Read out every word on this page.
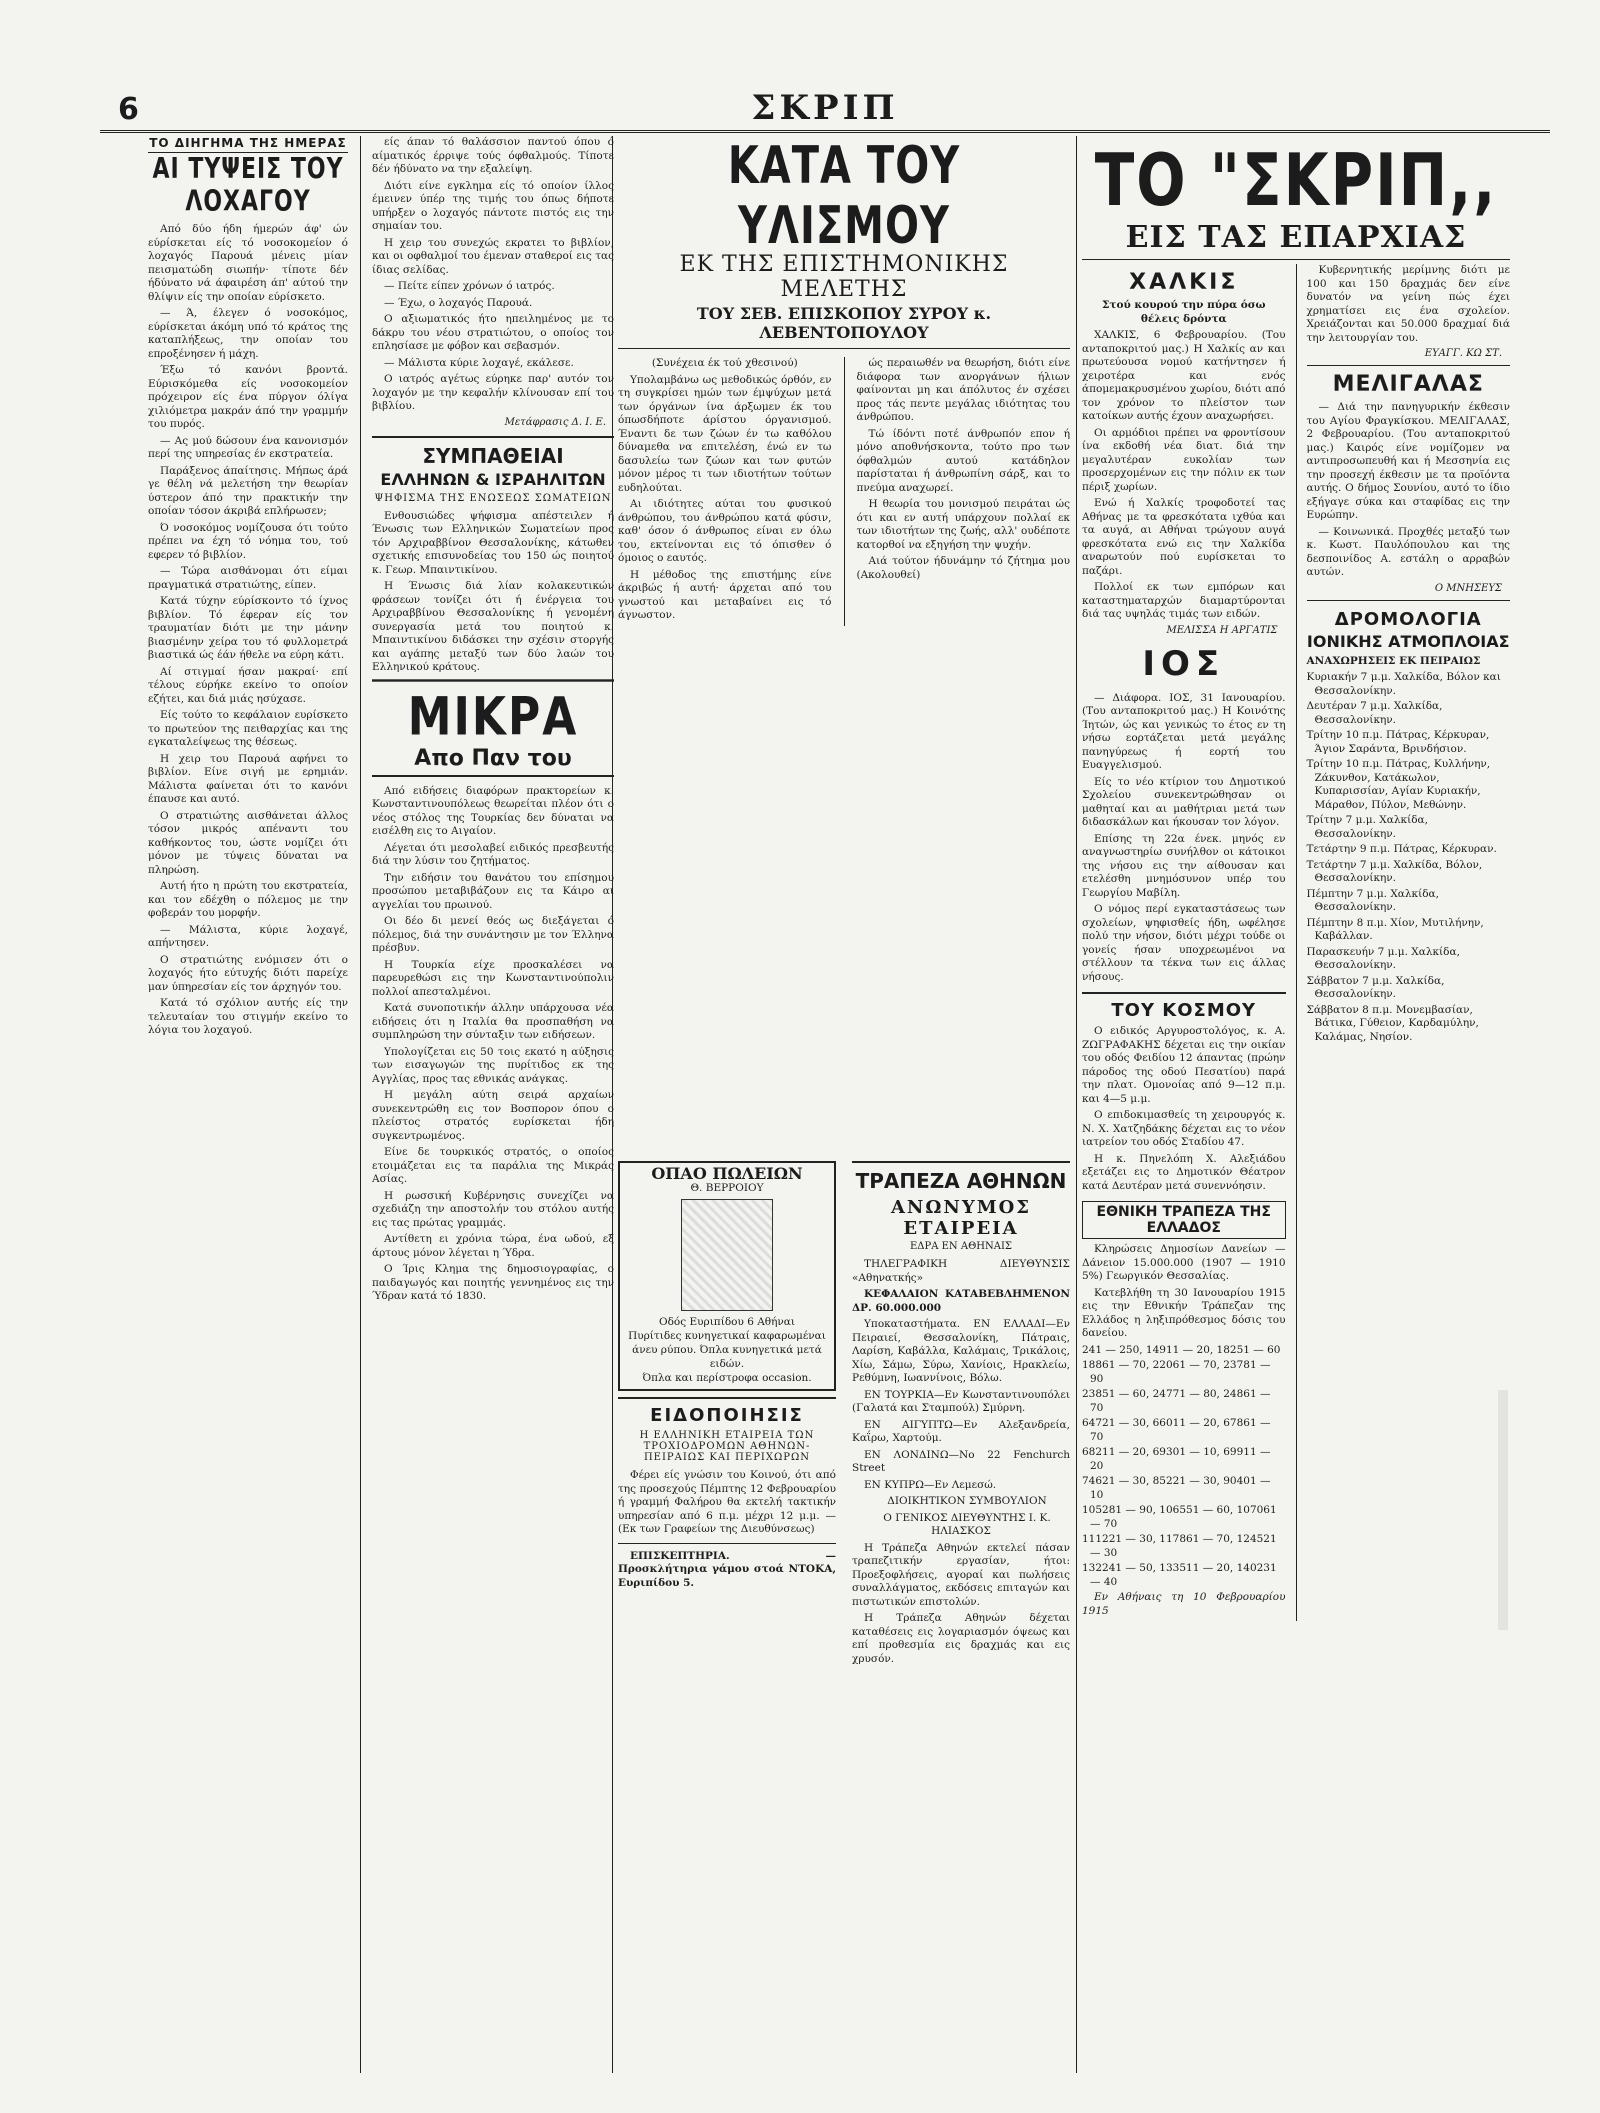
6	ΣΚΡΙΠ
ΤΟ ΔΙΗΓΗΜΑ ΤΗΣ ΗΜΕΡΑΣ
ΑΙ ΤΥΨΕΙΣ ΤΟΥ ΛΟΧΑΓΟΥ

Από δύο ήδη ήμερών άφ' ών εύρίσκεται είς τό νοσοκομείον ό λοχαγός Παρουά μένεις μίαν πεισματώδη σιωπήν· τίποτε δέν ήδύνατο νά άφαιρέση άπ' αύτού την θλίψιν είς την οποίαν εύρίσκετο.

— Ά, έλεγεν ό νοσοκόμος, εύρίσκεται άκόμη υπό τό κράτος της καταπλήξεως, την οποίαν του επροξένησεν ή μάχη.

Έξω τό κανόνι βροντά. Εύρισκόμεθα είς νοσοκομείον πρόχειρον είς ένα πύργον όλίγα χιλιόμετρα μακράν άπό την γραμμήν του πυρός.

— Ας μού δώσουν ένα κανονισμόν περί της υπηρεσίας έν εκστρατεία.

Παράξενος άπαίτησις. Μήπως άρά γε θέλη νά μελετήση την θεωρίαν ύστερον άπό την πρακτικήν την οποίαν τόσον άκριβά επλήρωσεν;

Ό νοσοκόμος νομίζουσα ότι τούτο πρέπει να έχη τό νόημα του, τού εφερεν τό βιβλίον.

— Τώρα αισθάνομαι ότι είμαι πραγματικά στρατιώτης, είπεν.

Κατά τύχην εύρίσκοντο τό ίχνος βιβλίον. Τό έφεραν είς τον τραυματίαν διότι με την μάνην βιασμένην χείρα του τό φυλλομετρά βιαστικά ώς έάν ήθελε να εύρη κάτι.

Αί στιγμαί ήσαν μακραί· επί τέλους εύρήκε εκείνο το οποίον εζήτει, και διά μιάς ησύχασε.

Είς τούτο το κεφάλαιον ευρίσκετο το πρωτεύον της πειθαρχίας και της εγκαταλείψεως της θέσεως.

Η χειρ του Παρουά αφήνει το βιβλίον. Είνε σιγή με ερημιάν. Μάλιστα φαίνεται ότι το κανόνι έπαυσε και αυτό.

Ο στρατιώτης αισθάνεται άλλος τόσον μικρός απέναντι του καθήκοντος του, ώστε νομίζει ότι μόνον με τύψεις δύναται να πληρώση.

Αυτή ήτο η πρώτη του εκστρατεία, και τον εδέχθη ο πόλεμος με την φοβεράν του μορφήν.

— Μάλιστα, κύριε λοχαγέ, απήντησεν.

Ο στρατιώτης ενόμισεν ότι ο λοχαγός ήτο εύτυχής διότι παρείχε μαν ύπηρεσίαν είς τον άρχηγόν του.

Κατά τό σχόλιον αυτής είς την τελευταίαν του στιγμήν εκείνο το λόγια του λοχαγού.

είς άπαν τό θαλάσσιον παντού όπου ό αίματικός έρριψε τούς όφθαλμούς. Τίποτε δέν ήδύνατο να την εξαλείψη.

Διότι είνε εγκλημα είς τό οποίον ίλλος έμεινεν ύπέρ της τιμής του όπως δήποτε υπήρξεν ο λοχαγός πάντοτε πιστός εις την σημαίαν του.

Η χειρ του συνεχώς εκρατει το βιβλίον, και οι οφθαλμοί του έμεναν σταθεροί εις τας ίδιας σελίδας.

— Πείτε είπεν χρόνων ό ιατρός.

— Έχω, ο λοχαγός Παρουά.

Ο αξιωματικός ήτο ηπειλημένος με το δάκρυ του νέου στρατιώτου, ο οποίος τον επλησίασε με φόβον και σεβασμόν.

— Μάλιστα κύριε λοχαγέ, εκάλεσε.

Ο ιατρός αγέτως εύρηκε παρ' αυτόν τον λοχαγόν με την κεφαλήν κλίνουσαν επί του βιβλίου.

Μετάφρασις Δ. Ι. Ε.
ΣΥΜΠΑΘΕΙΑΙ
ΕΛΛΗΝΩΝ & ΙΣΡΑΗΛΙΤΩΝ
ΨΗΦΙΣΜΑ ΤΗΣ ΕΝΩΣΕΩΣ ΣΩΜΑΤΕΙΩΝ

Ενθουσιώδες ψήφισμα απέστειλεν ή Ένωσις των Ελληνικών Σωματείων προς τόν Αρχιραββίνον Θεσσαλονίκης, κάτωθεν σχετικής επισυνοδείας του 150 ώς ποιητού κ. Γεωρ. Μπαιντικίνου.

Η Ένωσις διά λίαν κολακευτικών φράσεων τονίζει ότι ή ένέργεια του Αρχιραββίνου Θεσσαλονίκης ή γενομένη συνεργασία μετά του ποιητού κ. Μπαιντικίνου διδάσκει την σχέσιν στοργής και αγάπης μεταξύ των δύο λαών του Ελληνικού κράτους.

ΜΙΚΡΑ
Απο Παν του

Από ειδήσεις διαφόρων πρακτορείων κ. Κωνσταντινουπόλεως θεωρείται πλέον ότι ο νέος στόλος της Τουρκίας δεν δύναται να εισέλθη εις το Αιγαίον.

Λέγεται ότι μεσολαβεί ειδικός πρεσβευτής διά την λύσιν του ζητήματος.

Την ειδήσιν του θανάτου του επίσημου προσώπου μεταβιβάζουν εις τα Κάιρο αι αγγελίαι του πρωινού.

Οι δέο δι μενεί θεός ως διεξάγεται ό πόλεμος, διά την συνάντησιν με τον Έλληνα πρέσβυν.

Η Τουρκία είχε προσκαλέσει να παρευρεθώσι εις την Κωνσταντινούπολιν πολλοί απεσταλμένοι.

Κατά συνοποτικήν άλλην υπάρχουσα νέα ειδήσεις ότι η Ιταλία θα προσπαθήση να συμπληρώση την σύνταξιν των ειδήσεων.

Υπολογίζεται εις 50 τοις εκατό η αύξησις των εισαγωγών της πυρίτιδος εκ της Αγγλίας, προς τας εθνικάς ανάγκας.

Η μεγάλη αύτη σειρά αρχαίων συνεκεντρώθη εις τον Βοσπορον όπου ο πλείστος στρατός ευρίσκεται ήδη συγκεντρωμένος.

Είνε δε τουρκικός στρατός, ο οποίος ετοιμάζεται εις τα παράλια της Μικράς Ασίας.

Η ρωσσική Κυβέρνησις συνεχίζει να σχεδιάζη την αποστολήν του στόλου αυτής εις τας πρώτας γραμμάς.

Αντίθετη ει χρόνια τώρα, ένα ωδού, εξ άρτους μόνον λέγεται η Ύδρα.

Ο Ίρις Κλημα της δημοσιογραφίας, ο παιδαγωγός και ποιητής γεννημένος εις την Ύδραν κατά τό 1830.

ΚΑΤΑ ΤΟΥ ΥΛΙΣΜΟΥ
ΕΚ ΤΗΣ ΕΠΙΣΤΗΜΟΝΙΚΗΣ ΜΕΛΕΤΗΣ
ΤΟΥ ΣΕΒ. ΕΠΙΣΚΟΠΟΥ ΣΥΡΟΥ κ. ΛΕΒΕΝΤΟΠΟΥΛΟΥ

(Συνέχεια έκ τού χθεσινού)

Υπολαμβάνω ως μεθοδικώς όρθόν, εν τη συγκρίσει ημών των έμψύχων μετά των όργάνων ίνα άρξωμεν έκ του όπωσδήποτε άρίστου όργανισμού. Έναντι δε των ζώων έν τω καθόλου δύναμεθα να επιτελέση, ένώ εν τω δασυλείω των ζώων και των φυτών μόνον μέρος τι των ιδιοτήτων τούτων ευδηλούται.

Αι ιδιότητες αύται του φυσικού άνθρώπου, του άνθρώπου κατά φύσιν, καθ' όσον ό άνθρωπος είναι εν όλω του, εκτείνονται εις τό όπισθεν ό όμοιος ο εαυτός.

Η μέθοδος της επιστήμης είνε άκριβώς ή αυτή· άρχεται από του γνωστού και μεταβαίνει εις τό άγνωστον.

ώς περαιωθέν να θεωρήση, διότι είνε διάφορα των ανοργάνων ήλιων φαίνονται μη και άπόλυτος έν σχέσει προς τάς πεντε μεγάλας ιδιότητας του άνθρώπου.

Τώ ίδόντι ποτέ άνθρωπόν επον ή μόνο αποθνήσκοντα, τούτο προ των όφθαλμών αυτού κατάδηλον παρίσταται ή άνθρωπίνη σάρξ, και το πνεύμα αναχωρεί.

Η θεωρία του μονισμού πειράται ώς ότι και εν αυτή υπάρχουν πολλαί εκ των ιδιοτήτων της ζωής, αλλ' ουδέποτε κατορθοί να εξηγήση την ψυχήν.

Αιά τούτον ήδυνάμην τό ζήτημα μου (Ακολουθεί)

ΟΠΑΟ ΠΩΛΕΙΩΝ
Θ. ΒΕΡΡΟΙΟΥ
Οδός Ευριπίδου 6 Αθήναι
Πυρίτιδες κυνηγετικαί καφαρωμέναι άνευ ρύπου. Όπλα κυνηγετικά μετά ειδών.
Όπλα και περίστροφα occasion.
ΕΙΔΟΠΟΙΗΣΙΣ
Η ΕΛΛΗΝΙΚΗ ΕΤΑΙΡΕΙΑ ΤΩΝ ΤΡΟΧΙΟΔΡΟΜΩΝ ΑΘΗΝΩΝ-ΠΕΙΡΑΙΩΣ ΚΑΙ ΠΕΡΙΧΩΡΩΝ

Φέρει είς γνώσιν του Κοινού, ότι από της προσεχούς Πέμπτης 12 Φεβρουαρίου ή γραμμή Φαλήρου θα εκτελή τακτικήν υπηρεσίαν από 6 π.μ. μέχρι 12 μ.μ. — (Εκ των Γραφείων της Διευθύνσεως)

ΕΠΙΣΚΕΠΤΗΡΙΑ. — Προσκλήτηρια γάμου στοά ΝΤΟΚΑ, Ευριπίδου 5.

ΤΡΑΠΕΖΑ ΑΘΗΝΩΝ
ΑΝΩΝΥΜΟΣ ΕΤΑΙΡΕΙΑ
ΕΔΡΑ ΕΝ ΑΘΗΝΑΙΣ

ΤΗΛΕΓΡΑΦΙΚΗ ΔΙΕΥΘΥΝΣΙΣ «Αθηνατκής»

ΚΕΦΑΛΑΙΟΝ ΚΑΤΑΒΕΒΛΗΜΕΝΟΝ ΔΡ. 60.000.000

Υποκαταστήματα. ΕΝ ΕΛΛΑΔΙ—Εν Πειραιεί, Θεσσαλονίκη, Πάτραις, Λαρίση, Καβάλλα, Καλάμαις, Τρικάλοις, Χίω, Σάμω, Σύρω, Χανίοις, Ηρακλείω, Ρεθύμνη, Ιωαννίνοις, Βόλω.

ΕΝ ΤΟΥΡΚΙΑ—Εν Κωνσταντινουπόλει (Γαλατά και Σταμπούλ) Σμύρνη.

ΕΝ ΑΙΓΥΠΤΩ—Εν Αλεξανδρεία, Καΐρω, Χαρτούμ.

ΕΝ ΛΟΝΔΙΝΩ—No 22 Fenchurch Street

ΕΝ ΚΥΠΡΩ—Εν Λεμεσώ.

ΔΙΟΙΚΗΤΙΚΟΝ ΣΥΜΒΟΥΛΙΟΝ

Ο ΓΕΝΙΚΟΣ ΔΙΕΥΘΥΝΤΗΣ Ι. Κ. ΗΛΙΑΣΚΟΣ

Η Τράπεζα Αθηνών εκτελεί πάσαν τραπεζιτικήν εργασίαν, ήτοι: Προεξοφλήσεις, αγοραί και πωλήσεις συναλλάγματος, εκδόσεις επιταγών και πιστωτικών επιστολών.

Η Τράπεζα Αθηνών δέχεται καταθέσεις εις λογαριασμόν όψεως και επί προθεσμία εις δραχμάς και εις χρυσόν.

ΤΟ "ΣΚΡΙΠ,,
ΕΙΣ ΤΑΣ ΕΠΑΡΧΙΑΣ
ΧΑΛΚΙΣ

Στού κουρού την πύρα όσω θέλεις δρόντα

ΧΑΛΚΙΣ, 6 Φεβρουαρίου. (Του ανταποκριτού μας.) Η Χαλκίς αν και πρωτεύουσα νομού κατήντησεν ή χειροτέρα και ενός άπομεμακρυσμένου χωρίου, διότι από τον χρόνον το πλείστον των κατοίκων αυτής έχουν αναχωρήσει.

Οι αρμόδιοι πρέπει να φροντίσουν ίνα εκδοθή νέα διατ. διά την μεγαλυτέραν ευκολίαν των προσερχομένων εις την πόλιν εκ των πέριξ χωρίων.

Ενώ ή Χαλκίς τροφοδοτεί τας Αθήνας με τα φρεσκότατα ιχθύα και τα αυγά, αι Αθήναι τρώγουν αυγά φρεσκότατα ενώ εις την Χαλκίδα αναρωτούν πού ευρίσκεται το παζάρι.

Πολλοί εκ των εμπόρων και καταστηματαρχών διαμαρτύρονται διά τας υψηλάς τιμάς των ειδών.

ΜΕΛΙΣΣΑ Η ΑΡΓΑΤΙΣ
ΙΟΣ

— Διάφορα. ΙΟΣ, 31 Ιανουαρίου. (Του ανταποκριτού μας.) Η Κοινότης Ίητών, ώς και γενικώς το έτος εν τη νήσω εορτάζεται μετά μεγάλης πανηγύρεως ή εορτή του Ευαγγελισμού.

Είς το νέο κτίριον του Δημοτικού Σχολείου συνεκεντρώθησαν οι μαθηταί και αι μαθήτριαι μετά των διδασκάλων και ήκουσαν τον λόγον.

Επίσης τη 22α ένεκ. μηνός εν αναγνωστηρίω συνήλθον οι κάτοικοι της νήσου εις την αίθουσαν και ετελέσθη μνημόσυνον υπέρ του Γεωργίου Μαβίλη.

Ο νόμος περί εγκαταστάσεως των σχολείων, ψηφισθείς ήδη, ωφέλησε πολύ την νήσον, διότι μέχρι τούδε οι γονείς ήσαν υποχρεωμένοι να στέλλουν τα τέκνα των εις άλλας νήσους.

ΤΟΥ ΚΟΣΜΟΥ

Ο ειδικός Αργυροστολόγος, κ. Α. ΖΩΓΡΑΦΑΚΗΣ δέχεται εις την οικίαν του οδός Φειδίου 12 άπαντας (πρώην πάροδος της οδού Πεσατίου) παρά την πλατ. Ομονοίας από 9—12 π.μ. και 4—5 μ.μ.

Ο επιδοκιμασθείς τη χειρουργός κ. Ν. Χ. Χατζηδάκης δέχεται εις το νέον ιατρείον του οδός Σταδίου 47.

Η κ. Πηνελόπη Χ. Αλεξιάδου εξετάζει εις το Δημοτικόν Θέατρον κατά Δευτέραν μετά συνεννόησιν.

ΕΘΝΙΚΗ ΤΡΑΠΕΖΑ ΤΗΣ ΕΛΛΑΔΟΣ

Κληρώσεις Δημοσίων Δανείων — Δάνειον 15.000.000 (1907 — 1910 5%) Γεωργικόν Θεσσαλίας.

Κατεβλήθη τη 30 Ιανουαρίου 1915 εις την Εθνικήν Τράπεζαν της Ελλάδος η ληξιπρόθεσμος δόσις του δανείου.

241 — 250, 14911 — 20, 18251 — 60
18861 — 70, 22061 — 70, 23781 — 90
23851 — 60, 24771 — 80, 24861 — 70
64721 — 30, 66011 — 20, 67861 — 70
68211 — 20, 69301 — 10, 69911 — 20
74621 — 30, 85221 — 30, 90401 — 10
105281 — 90, 106551 — 60, 107061 — 70
111221 — 30, 117861 — 70, 124521 — 30
132241 — 50, 133511 — 20, 140231 — 40

Εν Αθήναις τη 10 Φεβρουαρίου 1915

Κυβερνητικής μερίμνης διότι με 100 και 150 δραχμάς δεν είνε δυνατόν να γείνη πώς έχει χρηματίσει εις ένα σχολείον. Χρειάζονται και 50.000 δραχμαί διά την λειτουργίαν του.

ΕΥΑΓΓ. ΚΩ ΣΤ.
ΜΕΛΙΓΑΛΑΣ

— Διά την πανηγυρικήν έκθεσιν του Αγίου Φραγκίσκου. ΜΕΛΙΓΑΛΑΣ, 2 Φεβρουαρίου. (Του ανταποκριτού μας.) Καιρός είνε νομίζομεν να αντιπροσωπευθή και ή Μεσσηνία εις την προσεχή έκθεσιν με τα προϊόντα αυτής. Ο δήμος Σουνίου, αυτό το ίδιο εξήγαγε σύκα και σταφίδας εις την Ευρώπην.

— Κοινωνικά. Προχθές μεταξύ των κ. Κωστ. Παυλόπουλου και της δεσποινίδος Α. εστάλη ο αρραβών αυτών.

Ο ΜΝΗΣΕΥΣ
ΔΡΟΜΟΛΟΓΙΑ
ΙΟΝΙΚΗΣ ΑΤΜΟΠΛΟΙΑΣ

ΑΝΑΧΩΡΗΣΕΙΣ ΕΚ ΠΕΙΡΑΙΩΣ

Κυριακήν 7 μ.μ. Χαλκίδα, Βόλον και Θεσσαλονίκην.
Δευτέραν 7 μ.μ. Χαλκίδα, Θεσσαλονίκην.
Τρίτην 10 π.μ. Πάτρας, Κέρκυραν, Άγιον Σαράντα, Βρινδήσιον.
Τρίτην 10 π.μ. Πάτρας, Κυλλήνην, Ζάκυνθον, Κατάκωλον, Κυπαρισσίαν, Αγίαν Κυριακήν, Μάραθον, Πύλον, Μεθώνην.
Τρίτην 7 μ.μ. Χαλκίδα, Θεσσαλονίκην.
Τετάρτην 9 π.μ. Πάτρας, Κέρκυραν.
Τετάρτην 7 μ.μ. Χαλκίδα, Βόλον, Θεσσαλονίκην.
Πέμπτην 7 μ.μ. Χαλκίδα, Θεσσαλονίκην.
Πέμπτην 8 π.μ. Χίον, Μυτιλήνην, Καβάλλαν.
Παρασκευήν 7 μ.μ. Χαλκίδα, Θεσσαλονίκην.
Σάββατον 7 μ.μ. Χαλκίδα, Θεσσαλονίκην.
Σάββατον 8 π.μ. Μονεμβασίαν, Βάτικα, Γύθειον, Καρδαμύλην, Καλάμας, Νησίον.
